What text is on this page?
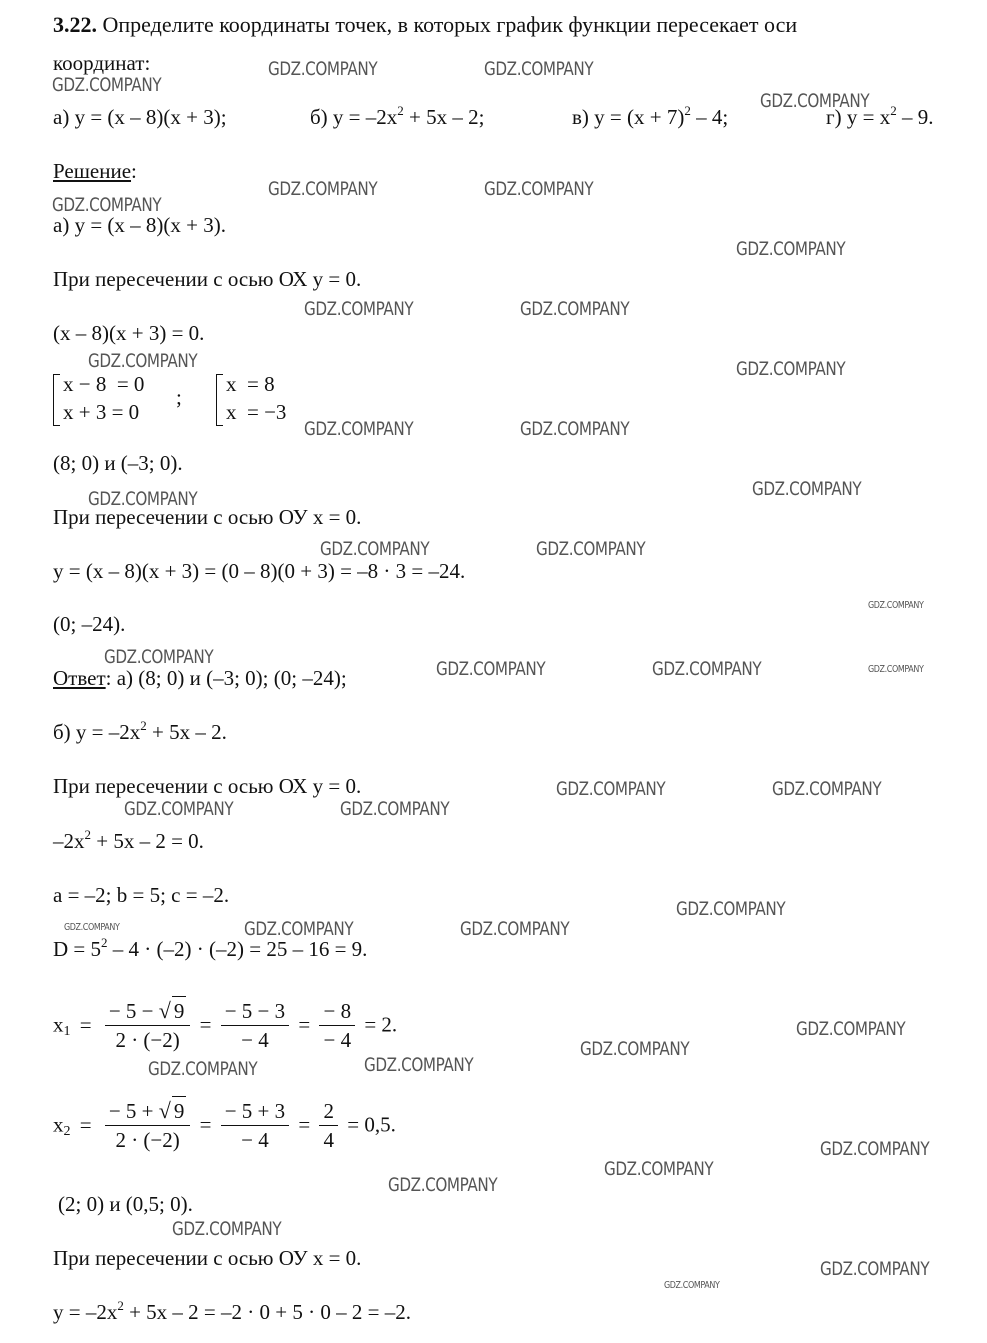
3.22. Определите координаты точек, в которых график функции пересекает оси
координат:
а) y = (x – 8)(x + 3);	б) $y = -2x^2 + 5x - 2$;	в) $y = (x + 7)^2 - 4$;	г) $y = x^2 - 9$.
Решение:
а) y = (x – 8)(x + 3).
При пересечении с осью ОХ y = 0.
(x – 8)(x + 3) = 0.
x − 8  = 0
x + 3 = 0
;
x  = 8
x  = −3
(8; 0) и (–3; 0).
При пересечении с осью ОУ x = 0.
y = (x – 8)(x + 3) = (0 – 8)(0 + 3) = –8 · 3 = –24.
(0; –24).
Ответ: а) (8; 0) и (–3; 0); (0; –24);
б) $y = -2x^2 + 5x - 2$.
При пересечении с осью ОХ y = 0.
$-2x^2 + 5x - 2 = 0$.
a = –2; b = 5; c = –2.
$D = 5^2 - 4 \cdot (-2) \cdot (-2) = 25 - 16 = 9$.
$x_1 = \frac{- 5 - √ 9}{2 \cdot (-2)} = \frac{- 5 - 3}{- 4} = \frac{- 8}{- 4} = 2$.
$x_2 = \frac{- 5 + √ 9}{2 \cdot (-2)} = \frac{- 5 + 3}{- 4} = \frac{2}{4} = 0,5$.
(2; 0) и (0,5; 0).
При пересечении с осью ОУ x = 0.
$y = -2x^2 + 5x - 2 = -2 \cdot 0 + 5 \cdot 0 - 2 = -2$.
GDZ.COMPANY
GDZ.COMPANY	GDZ.COMPANY
GDZ.COMPANY
GDZ.COMPANY	GDZ.COMPANY
GDZ.COMPANY
GDZ.COMPANY
GDZ.COMPANY	GDZ.COMPANY
GDZ.COMPANY	GDZ.COMPANY
GDZ.COMPANY	GDZ.COMPANY
GDZ.COMPANY
GDZ.COMPANY
GDZ.COMPANY	GDZ.COMPANY
GDZ.COMPANY
GDZ.COMPANY
GDZ.COMPANY	GDZ.COMPANY	GDZ.COMPANY
GDZ.COMPANY	GDZ.COMPANY
GDZ.COMPANY	GDZ.COMPANY
GDZ.COMPANY
GDZ.COMPANY	GDZ.COMPANY	GDZ.COMPANY
GDZ.COMPANY
GDZ.COMPANY
GDZ.COMPANY	GDZ.COMPANY
GDZ.COMPANY
GDZ.COMPANY
GDZ.COMPANY
GDZ.COMPANY
GDZ.COMPANY
GDZ.COMPANY
